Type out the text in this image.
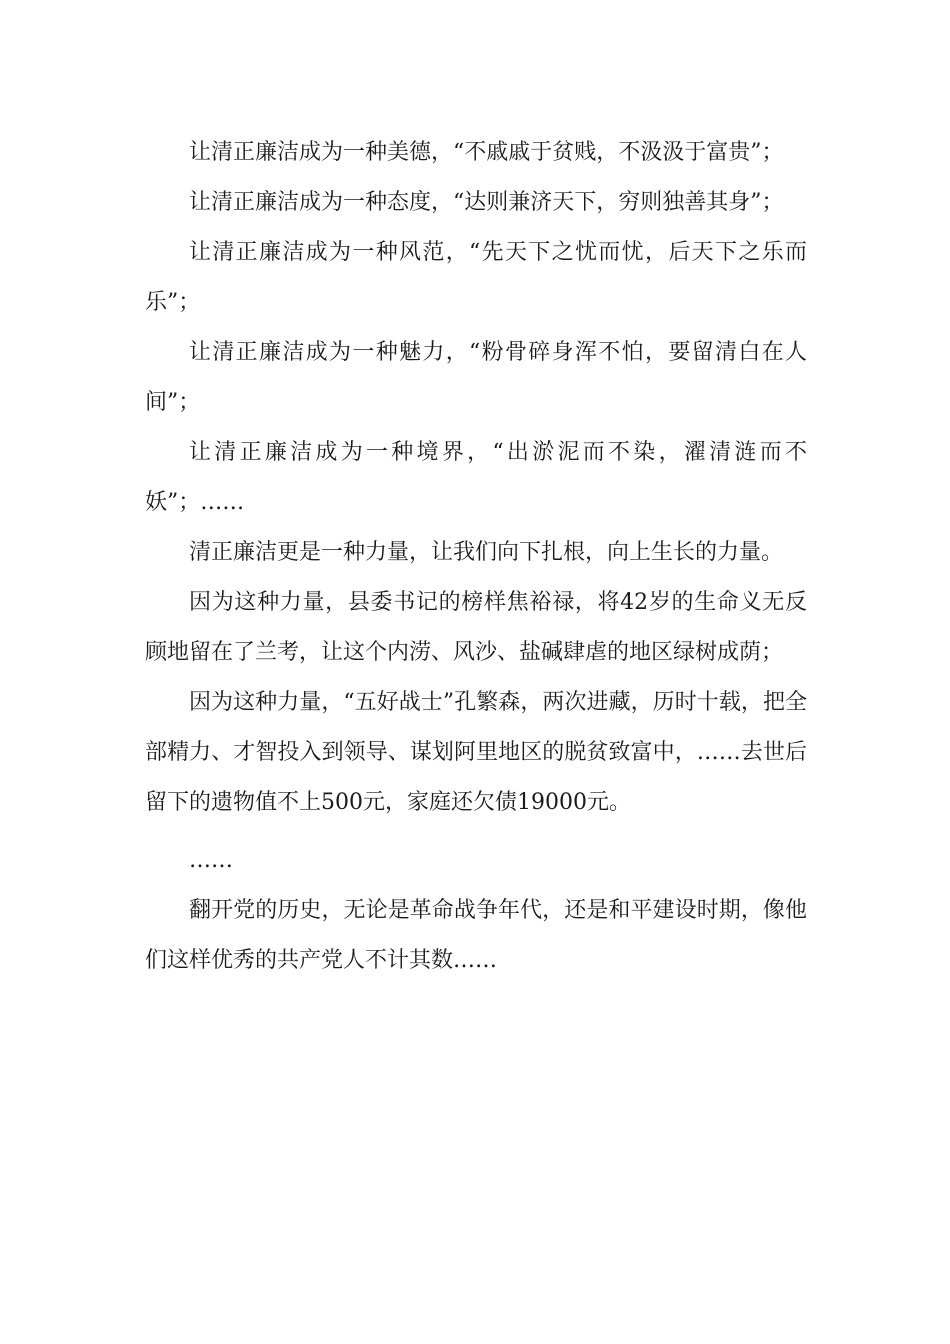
让清正廉洁成为一种美德，“不戚戚于贫贱，不汲汲于富贵”；

让清正廉洁成为一种态度，“达则兼济天下，穷则独善其身”；

让清正廉洁成为一种风范，“先天下之忧而忧，后天下之乐而乐”；

让清正廉洁成为一种魅力，“粉骨碎身浑不怕，要留清白在人间”；

让清正廉洁成为一种境界，“出淤泥而不染，濯清涟而不妖”；……

清正廉洁更是一种力量，让我们向下扎根，向上生长的力量。

因为这种力量，县委书记的榜样焦裕禄，将42岁的生命义无反顾地留在了兰考，让这个内涝、风沙、盐碱肆虐的地区绿树成荫；

因为这种力量，“五好战士”孔繁森，两次进藏，历时十载，把全部精力、才智投入到领导、谋划阿里地区的脱贫致富中，……去世后留下的遗物值不上500元，家庭还欠债19000元。

……

翻开党的历史，无论是革命战争年代，还是和平建设时期，像他们这样优秀的共产党人不计其数……
